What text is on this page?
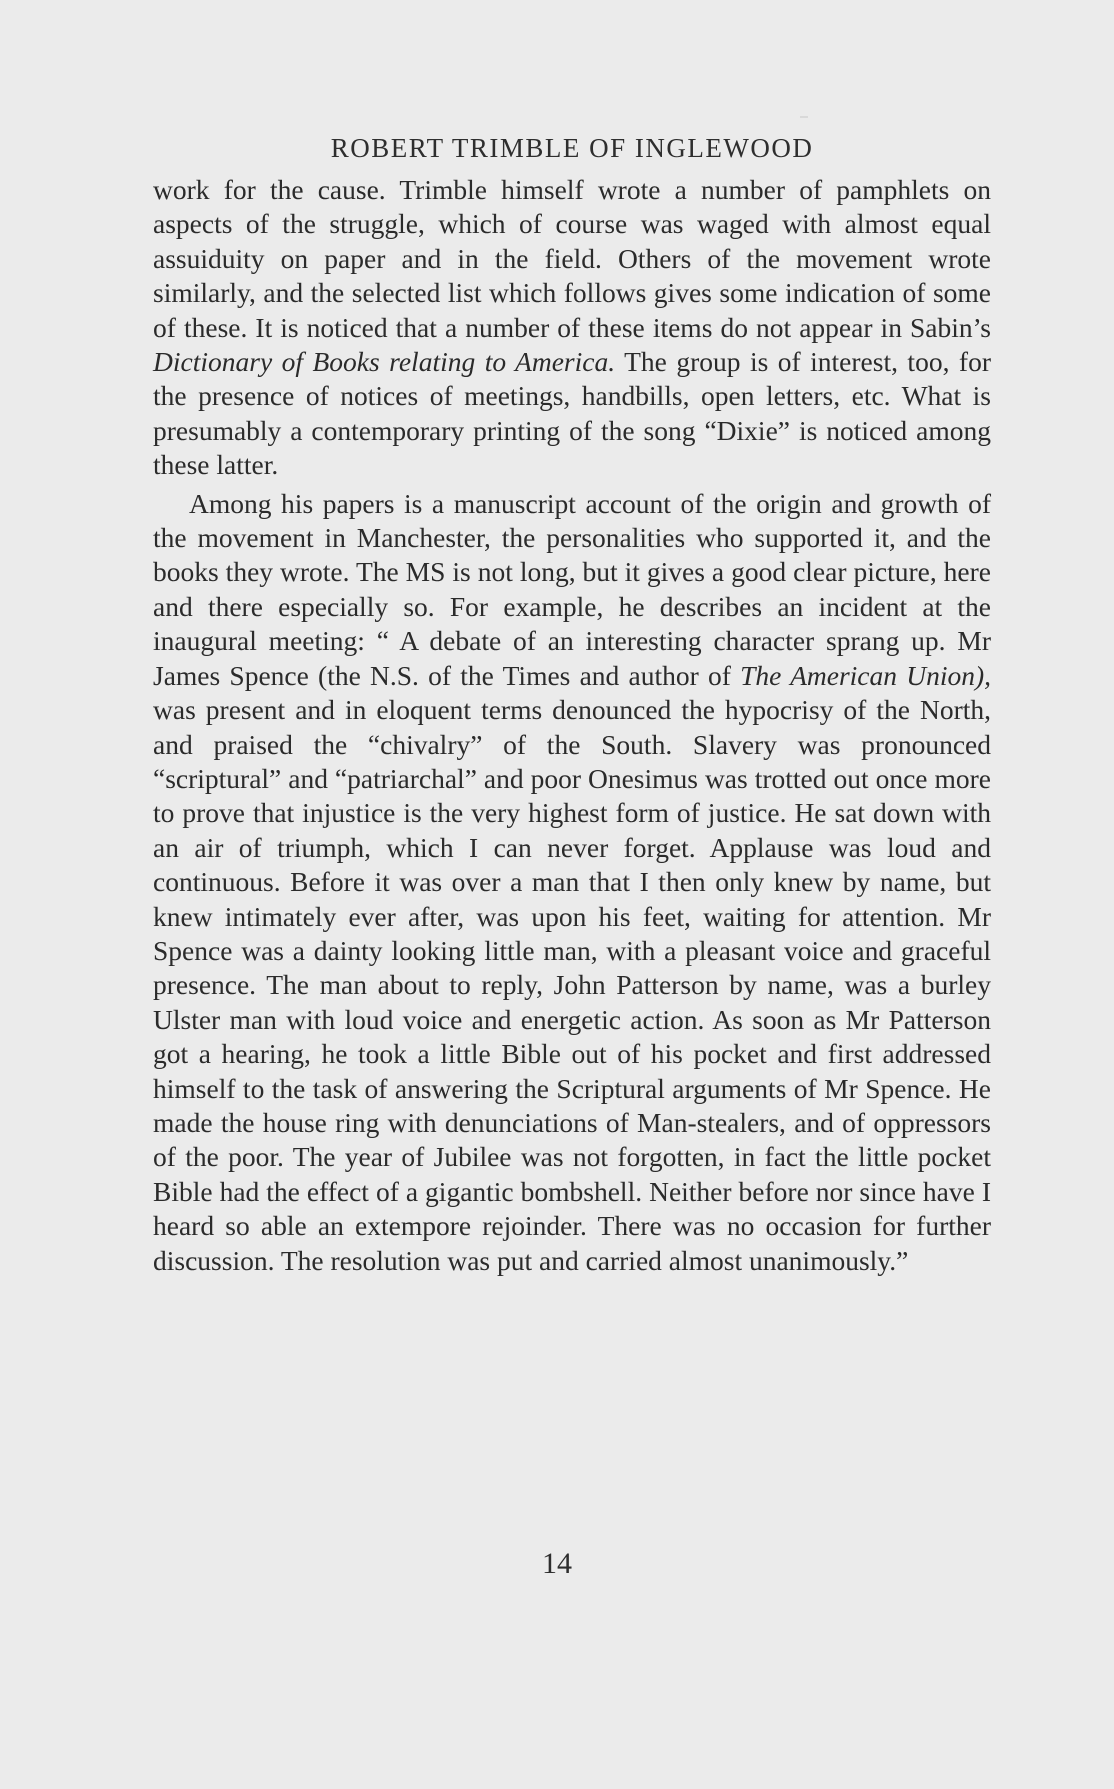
ROBERT TRIMBLE OF INGLEWOOD

work for the cause. Trimble himself wrote a number of pamphlets on aspects of the struggle, which of course was waged with almost equal assuiduity on paper and in the field. Others of the movement wrote similarly, and the selected list which follows gives some indication of some of these. It is noticed that a number of these items do not appear in Sabin’s Dictionary of Books relating to America. The group is of interest, too, for the presence of notices of meetings, handbills, open letters, etc. What is presumably a contemporary printing of the song “Dixie” is noticed among these latter.

Among his papers is a manuscript account of the origin and growth of the movement in Manchester, the personalities who supported it, and the books they wrote. The MS is not long, but it gives a good clear picture, here and there especially so. For example, he describes an incident at the inaugural meeting: “ A debate of an interesting character sprang up. Mr James Spence (the N.S. of the Times and author of The American Union), was present and in eloquent terms denounced the hypocrisy of the North, and praised the “chivalry” of the South. Slavery was pronounced “scriptural” and “patriarchal” and poor Onesimus was trotted out once more to prove that injustice is the very highest form of justice. He sat down with an air of triumph, which I can never forget. Applause was loud and continuous. Before it was over a man that I then only knew by name, but knew intimately ever after, was upon his feet, waiting for attention. Mr Spence was a dainty looking little man, with a pleasant voice and graceful presence. The man about to reply, John Patterson by name, was a burley Ulster man with loud voice and energetic action. As soon as Mr Patterson got a hearing, he took a little Bible out of his pocket and first addressed himself to the task of answering the Scriptural arguments of Mr Spence. He made the house ring with denunciations of Man-stealers, and of oppressors of the poor. The year of Jubilee was not forgotten, in fact the little pocket Bible had the effect of a gigantic bombshell. Neither before nor since have I heard so able an extempore rejoinder. There was no occasion for further discussion. The resolution was put and carried almost unanimously.”

14
